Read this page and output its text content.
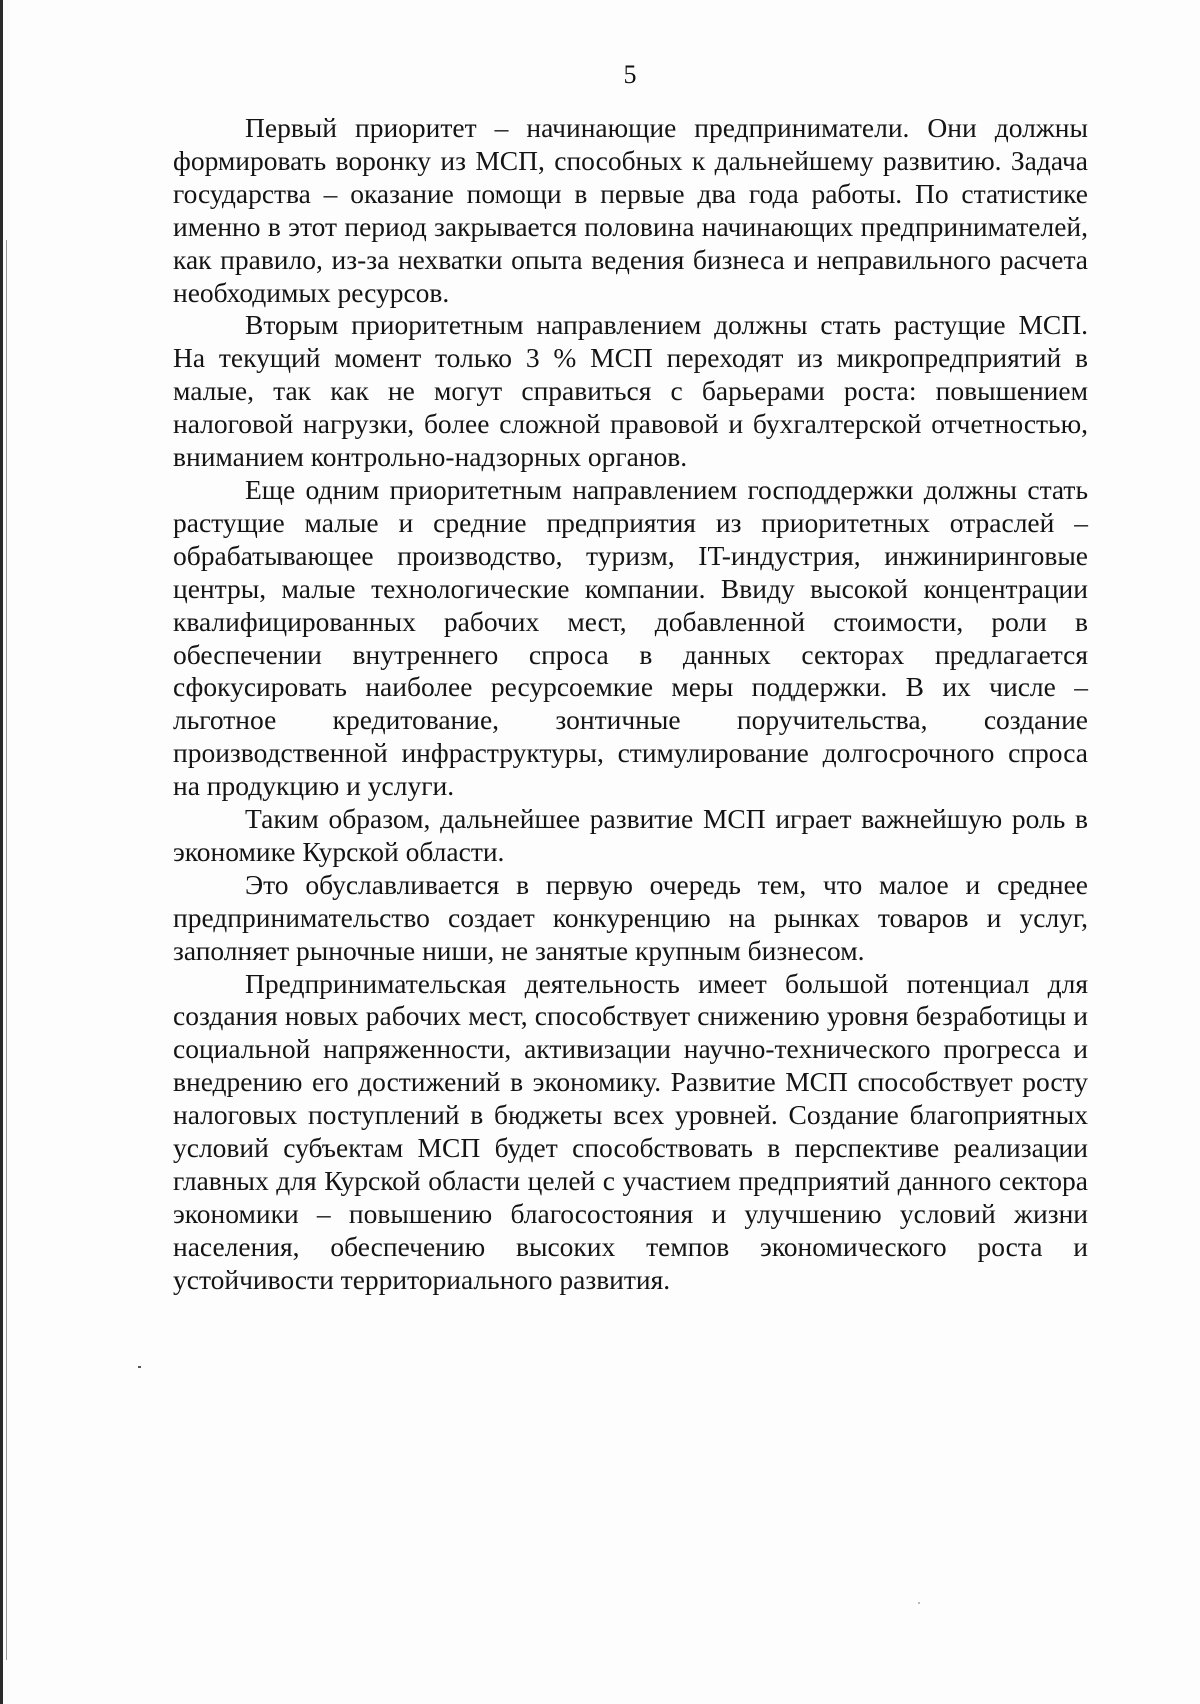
5

Первый приоритет – начинающие предприниматели. Они должны формировать воронку из МСП, способных к дальнейшему развитию. Задача государства – оказание помощи в первые два года работы. По статистике именно в этот период закрывается половина начинающих предпринимателей, как правило, из-за нехватки опыта ведения бизнеса и неправильного расчета необходимых ресурсов.

Вторым приоритетным направлением должны стать растущие МСП. На текущий момент только 3 % МСП переходят из микропредприятий в малые, так как не могут справиться с барьерами роста: повышением налоговой нагрузки, более сложной правовой и бухгалтерской отчетностью, вниманием контрольно-надзорных органов.

Еще одним приоритетным направлением господдержки должны стать растущие малые и средние предприятия из приоритетных отраслей – обрабатывающее производство, туризм, IT-индустрия, инжиниринговые центры, малые технологические компании. Ввиду высокой концентрации квалифицированных рабочих мест, добавленной стоимости, роли в обеспечении внутреннего спроса в данных секторах предлагается сфокусировать наиболее ресурсоемкие меры поддержки. В их числе – льготное кредитование, зонтичные поручительства, создание производственной инфраструктуры, стимулирование долгосрочного спроса на продукцию и услуги.

Таким образом, дальнейшее развитие МСП играет важнейшую роль в экономике Курской области.

Это обуславливается в первую очередь тем, что малое и среднее предпринимательство создает конкуренцию на рынках товаров и услуг, заполняет рыночные ниши, не занятые крупным бизнесом.

Предпринимательская деятельность имеет большой потенциал для создания новых рабочих мест, способствует снижению уровня безработицы и социальной напряженности, активизации научно-технического прогресса и внедрению его достижений в экономику. Развитие МСП способствует росту налоговых поступлений в бюджеты всех уровней. Создание благоприятных условий субъектам МСП будет способствовать в перспективе реализации главных для Курской области целей с участием предприятий данного сектора экономики – повышению благосостояния и улучшению условий жизни населения, обеспечению высоких темпов экономического роста и устойчивости территориального развития.
